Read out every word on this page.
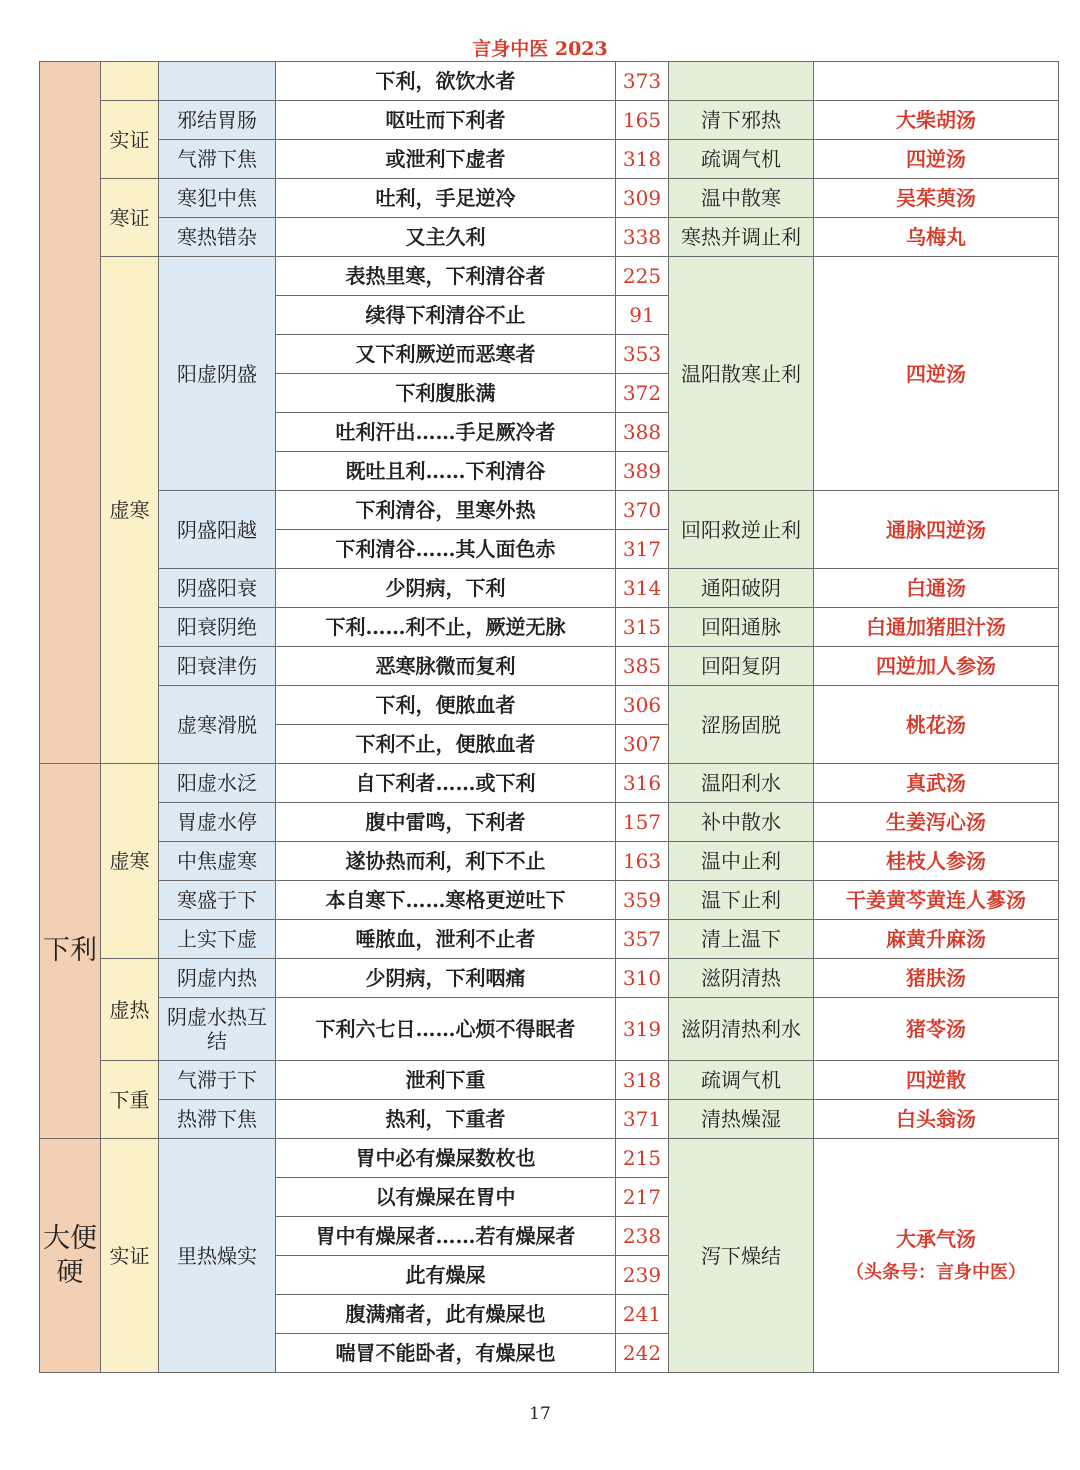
言身中医 2023
			下利，欲饮水者	373		
	实证	邪结胃肠	呕吐而下利者	165	清下邪热	大柴胡汤
		气滞下焦	或泄利下虚者	318	疏调气机	四逆汤
	寒证	寒犯中焦	吐利，手足逆冷	309	温中散寒	吴茱萸汤
		寒热错杂	又主久利	338	寒热并调止利	乌梅丸
	虚寒	阳虚阴盛	表热里寒，下利清谷者	225	温阳散寒止利	四逆汤
			续得下利清谷不止	91		
			又下利厥逆而恶寒者	353		
			下利腹胀满	372		
			吐利汗出……手足厥冷者	388		
			既吐且利……下利清谷	389		
		阴盛阳越	下利清谷，里寒外热	370	回阳救逆止利	通脉四逆汤
			下利清谷……其人面色赤	317		
		阴盛阳衰	少阴病，下利	314	通阳破阴	白通汤
		阳衰阴绝	下利……利不止，厥逆无脉	315	回阳通脉	白通加猪胆汁汤
		阳衰津伤	恶寒脉微而复利	385	回阳复阴	四逆加人参汤
		虚寒滑脱	下利，便脓血者	306	涩肠固脱	桃花汤
			下利不止，便脓血者	307		
下利	虚寒	阳虚水泛	自下利者……或下利	316	温阳利水	真武汤
		胃虚水停	腹中雷鸣，下利者	157	补中散水	生姜泻心汤
		中焦虚寒	遂协热而利，利下不止	163	温中止利	桂枝人参汤
		寒盛于下	本自寒下……寒格更逆吐下	359	温下止利	干姜黄芩黄连人蔘汤
		上实下虚	唾脓血，泄利不止者	357	清上温下	麻黄升麻汤
	虚热	阴虚内热	少阴病，下利咽痛	310	滋阴清热	猪肤汤
		阴虚水热互结	下利六七日……心烦不得眠者	319	滋阴清热利水	猪苓汤
	下重	气滞于下	泄利下重	318	疏调气机	四逆散
		热滞下焦	热利，下重者	371	清热燥湿	白头翁汤
大便硬	实证	里热燥实	胃中必有燥屎数枚也	215	泻下燥结	大承气汤
（头条号：言身中医）

			以有燥屎在胃中	217		
			胃中有燥屎者……若有燥屎者	238		
			此有燥屎	239		
			腹满痛者，此有燥屎也	241		
			喘冒不能卧者，有燥屎也	242		
17
